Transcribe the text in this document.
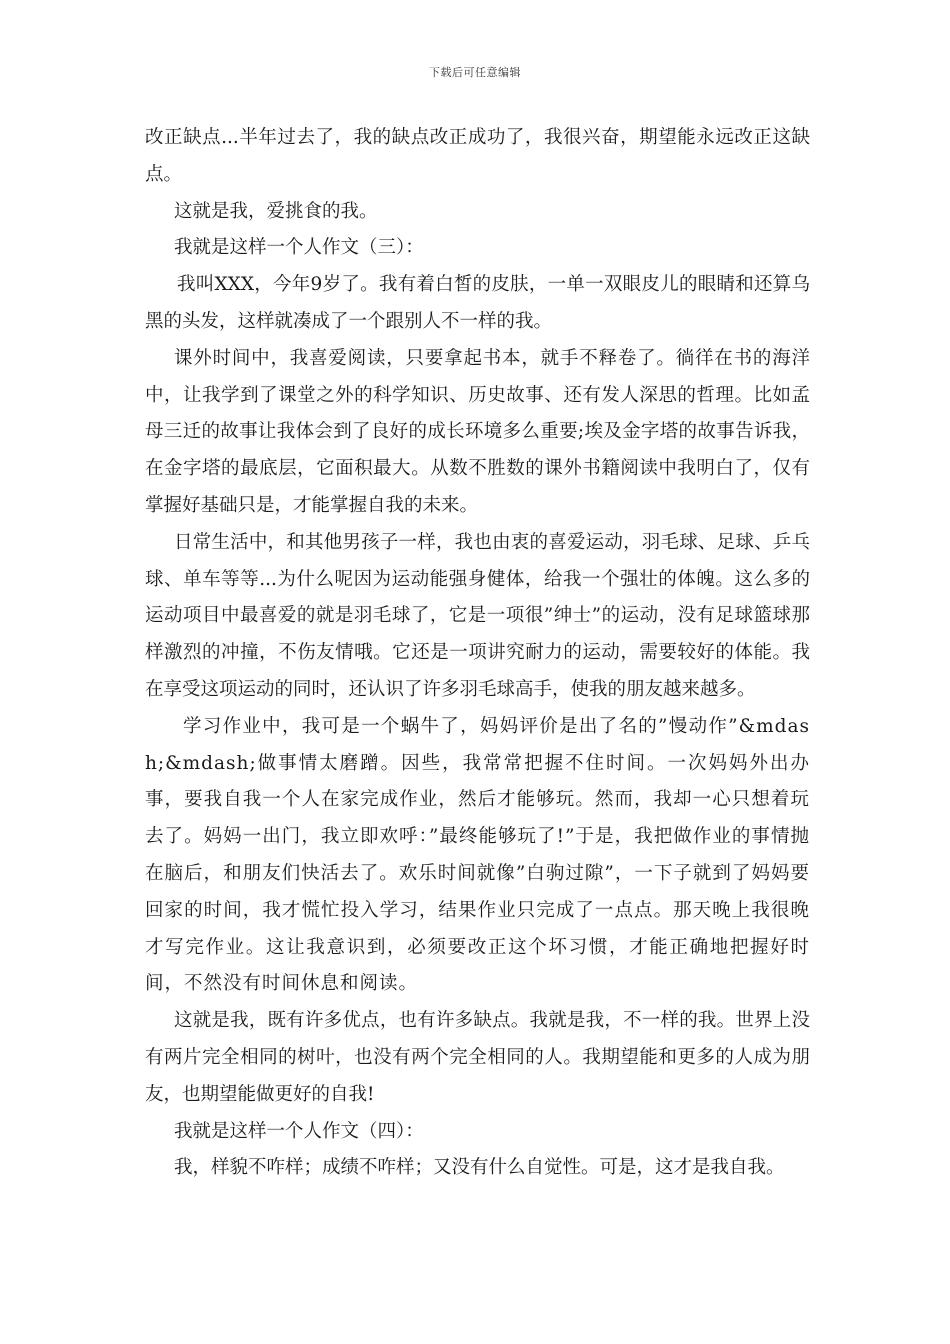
下载后可任意编辑

改正缺点...半年过去了，我的缺点改正成功了，我很兴奋，期望能永远改正这缺点。

这就是我，爱挑食的我。

我就是这样一个人作文（三）：

我叫XXX，今年9岁了。我有着白皙的皮肤，一单一双眼皮儿的眼睛和还算乌黑的头发，这样就凑成了一个跟别人不一样的我。

课外时间中，我喜爱阅读，只要拿起书本，就手不释卷了。徜徉在书的海洋中，让我学到了课堂之外的科学知识、历史故事、还有发人深思的哲理。比如孟母三迁的故事让我体会到了良好的成长环境多么重要;埃及金字塔的故事告诉我，在金字塔的最底层，它面积最大。从数不胜数的课外书籍阅读中我明白了，仅有掌握好基础只是，才能掌握自我的未来。

日常生活中，和其他男孩子一样，我也由衷的喜爱运动，羽毛球、足球、乒乓球、单车等等...为什么呢因为运动能强身健体，给我一个强壮的体魄。这么多的运动项目中最喜爱的就是羽毛球了，它是一项很”绅士”的运动，没有足球篮球那样激烈的冲撞，不伤友情哦。它还是一项讲究耐力的运动，需要较好的体能。我在享受这项运动的同时，还认识了许多羽毛球高手，使我的朋友越来越多。

学习作业中，我可是一个蜗牛了，妈妈评价是出了名的”慢动作”&mdash;&mdash;做事情太磨蹭。因些，我常常把握不住时间。一次妈妈外出办事，要我自我一个人在家完成作业，然后才能够玩。然而，我却一心只想着玩去了。妈妈一出门，我立即欢呼：”最终能够玩了!”于是，我把做作业的事情抛在脑后，和朋友们快活去了。欢乐时间就像”白驹过隙”，一下子就到了妈妈要回家的时间，我才慌忙投入学习，结果作业只完成了一点点。那天晚上我很晚才写完作业。这让我意识到，必须要改正这个坏习惯，才能正确地把握好时间，不然没有时间休息和阅读。

这就是我，既有许多优点，也有许多缺点。我就是我，不一样的我。世界上没有两片完全相同的树叶，也没有两个完全相同的人。我期望能和更多的人成为朋友，也期望能做更好的自我!

我就是这样一个人作文（四）：

我，样貌不咋样；成绩不咋样；又没有什么自觉性。可是，这才是我自我。
